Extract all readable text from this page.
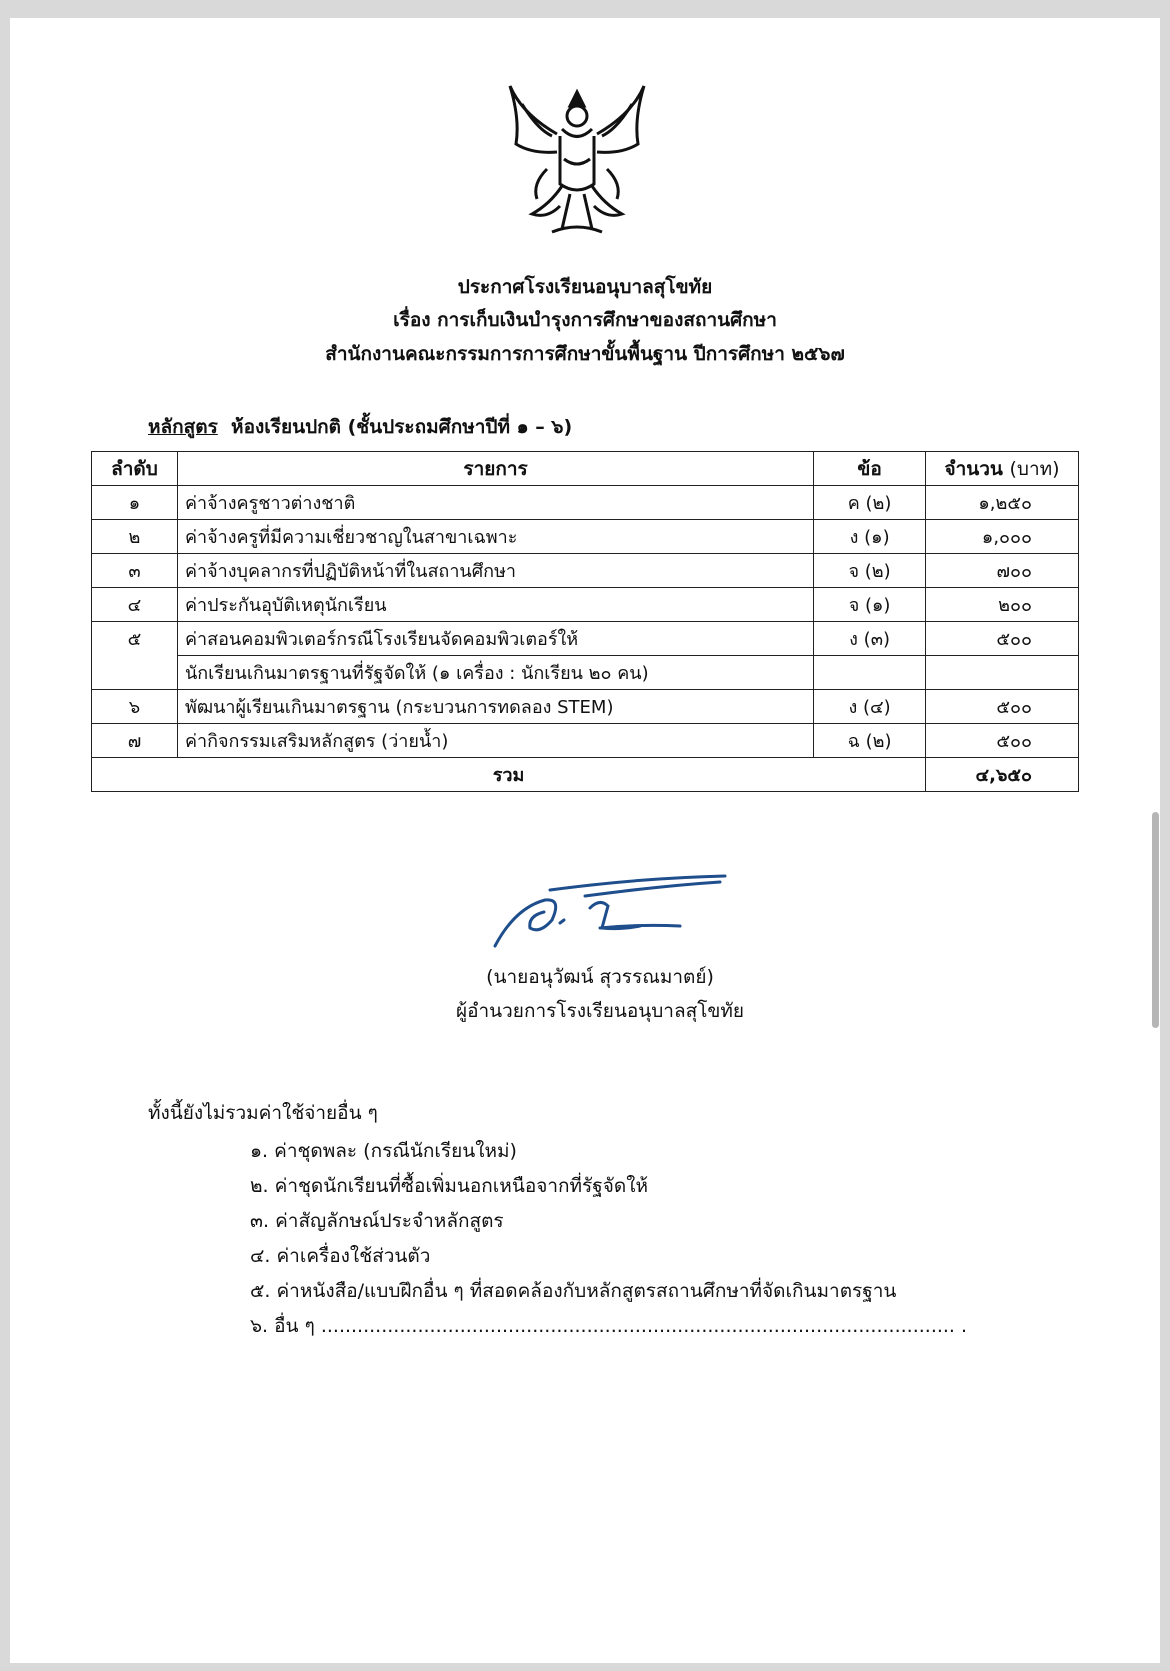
ประกาศโรงเรียนอนุบาลสุโขทัย
เรื่อง การเก็บเงินบำรุงการศึกษาของสถานศึกษา
สำนักงานคณะกรรมการการศึกษาขั้นพื้นฐาน ปีการศึกษา ๒๕๖๗
หลักสูตร ห้องเรียนปกติ (ชั้นประถมศึกษาปีที่ ๑ – ๖)
ลำดับ	รายการ	ข้อ	จำนวน (บาท)
๑	ค่าจ้างครูชาวต่างชาติ	ค (๒)	๑,๒๕๐
๒	ค่าจ้างครูที่มีความเชี่ยวชาญในสาขาเฉพาะ	ง (๑)	๑,๐๐๐
๓	ค่าจ้างบุคลากรที่ปฏิบัติหน้าที่ในสถานศึกษา	จ (๒)	๗๐๐
๔	ค่าประกันอุบัติเหตุนักเรียน	จ (๑)	๒๐๐
๕	ค่าสอนคอมพิวเตอร์กรณีโรงเรียนจัดคอมพิวเตอร์ให้	ง (๓)	๕๐๐
	นักเรียนเกินมาตรฐานที่รัฐจัดให้ (๑ เครื่อง : นักเรียน ๒๐ คน)		
๖	พัฒนาผู้เรียนเกินมาตรฐาน (กระบวนการทดลอง STEM)	ง (๔)	๕๐๐
๗	ค่ากิจกรรมเสริมหลักสูตร (ว่ายน้ำ)	ฉ (๒)	๕๐๐
รวม			๔,๖๕๐
(นายอนุวัฒน์ สุวรรณมาตย์)
ผู้อำนวยการโรงเรียนอนุบาลสุโขทัย
ทั้งนี้ยังไม่รวมค่าใช้จ่ายอื่น ๆ
๑. ค่าชุดพละ (กรณีนักเรียนใหม่)
๒. ค่าชุดนักเรียนที่ซื้อเพิ่มนอกเหนือจากที่รัฐจัดให้
๓. ค่าสัญลักษณ์ประจำหลักสูตร
๔. ค่าเครื่องใช้ส่วนตัว
๕. ค่าหนังสือ/แบบฝึกอื่น ๆ ที่สอดคล้องกับหลักสูตรสถานศึกษาที่จัดเกินมาตรฐาน
๖. อื่น ๆ ......................................................................................................... .
